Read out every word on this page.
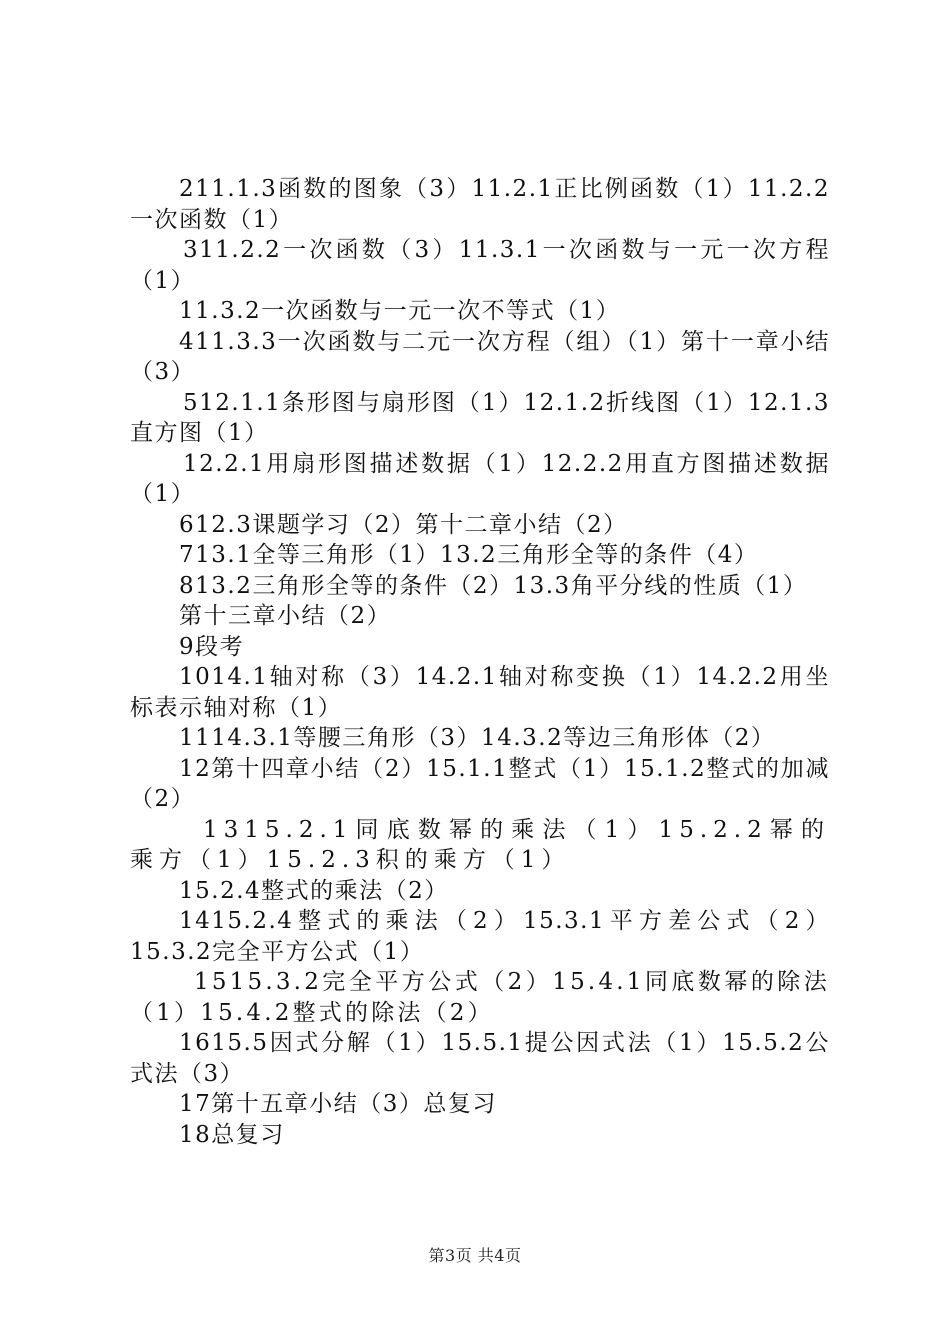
211.1.3函数的图象（3）11.2.1正比例函数（1）11.2.2一次函数（1）

311.2.2一次函数（3）11.3.1一次函数与一元一次方程（1）

11.3.2一次函数与一元一次不等式（1）

411.3.3一次函数与二元一次方程（组）（1）第十一章小结（3）

512.1.1条形图与扇形图（1）12.1.2折线图（1）12.1.3直方图（1）

12.2.1用扇形图描述数据（1）12.2.2用直方图描述数据（1）

612.3课题学习（2）第十二章小结（2）

713.1全等三角形（1）13.2三角形全等的条件（4）

813.2三角形全等的条件（2）13.3角平分线的性质（1）

第十三章小结（2）

9段考

1014.1轴对称（3）14.2.1轴对称变换（1）14.2.2用坐标表示轴对称（1）

1114.3.1等腰三角形（3）14.3.2等边三角形体（2）

12第十四章小结（2）15.1.1整式（1）15.1.2整式的加减（2）

1315.2.1同底数幂的乘法（1）15.2.2幂的乘方（1）15.2.3积的乘方（1）

15.2.4整式的乘法（2）

1415.2.4整式的乘法（2）15.3.1平方差公式（2）15.3.2完全平方公式（1）

1515.3.2完全平方公式（2）15.4.1同底数幂的除法（1）15.4.2整式的除法（2）

1615.5因式分解（1）15.5.1提公因式法（1）15.5.2公式法（3）

17第十五章小结（3）总复习

18总复习

第3页 共4页
